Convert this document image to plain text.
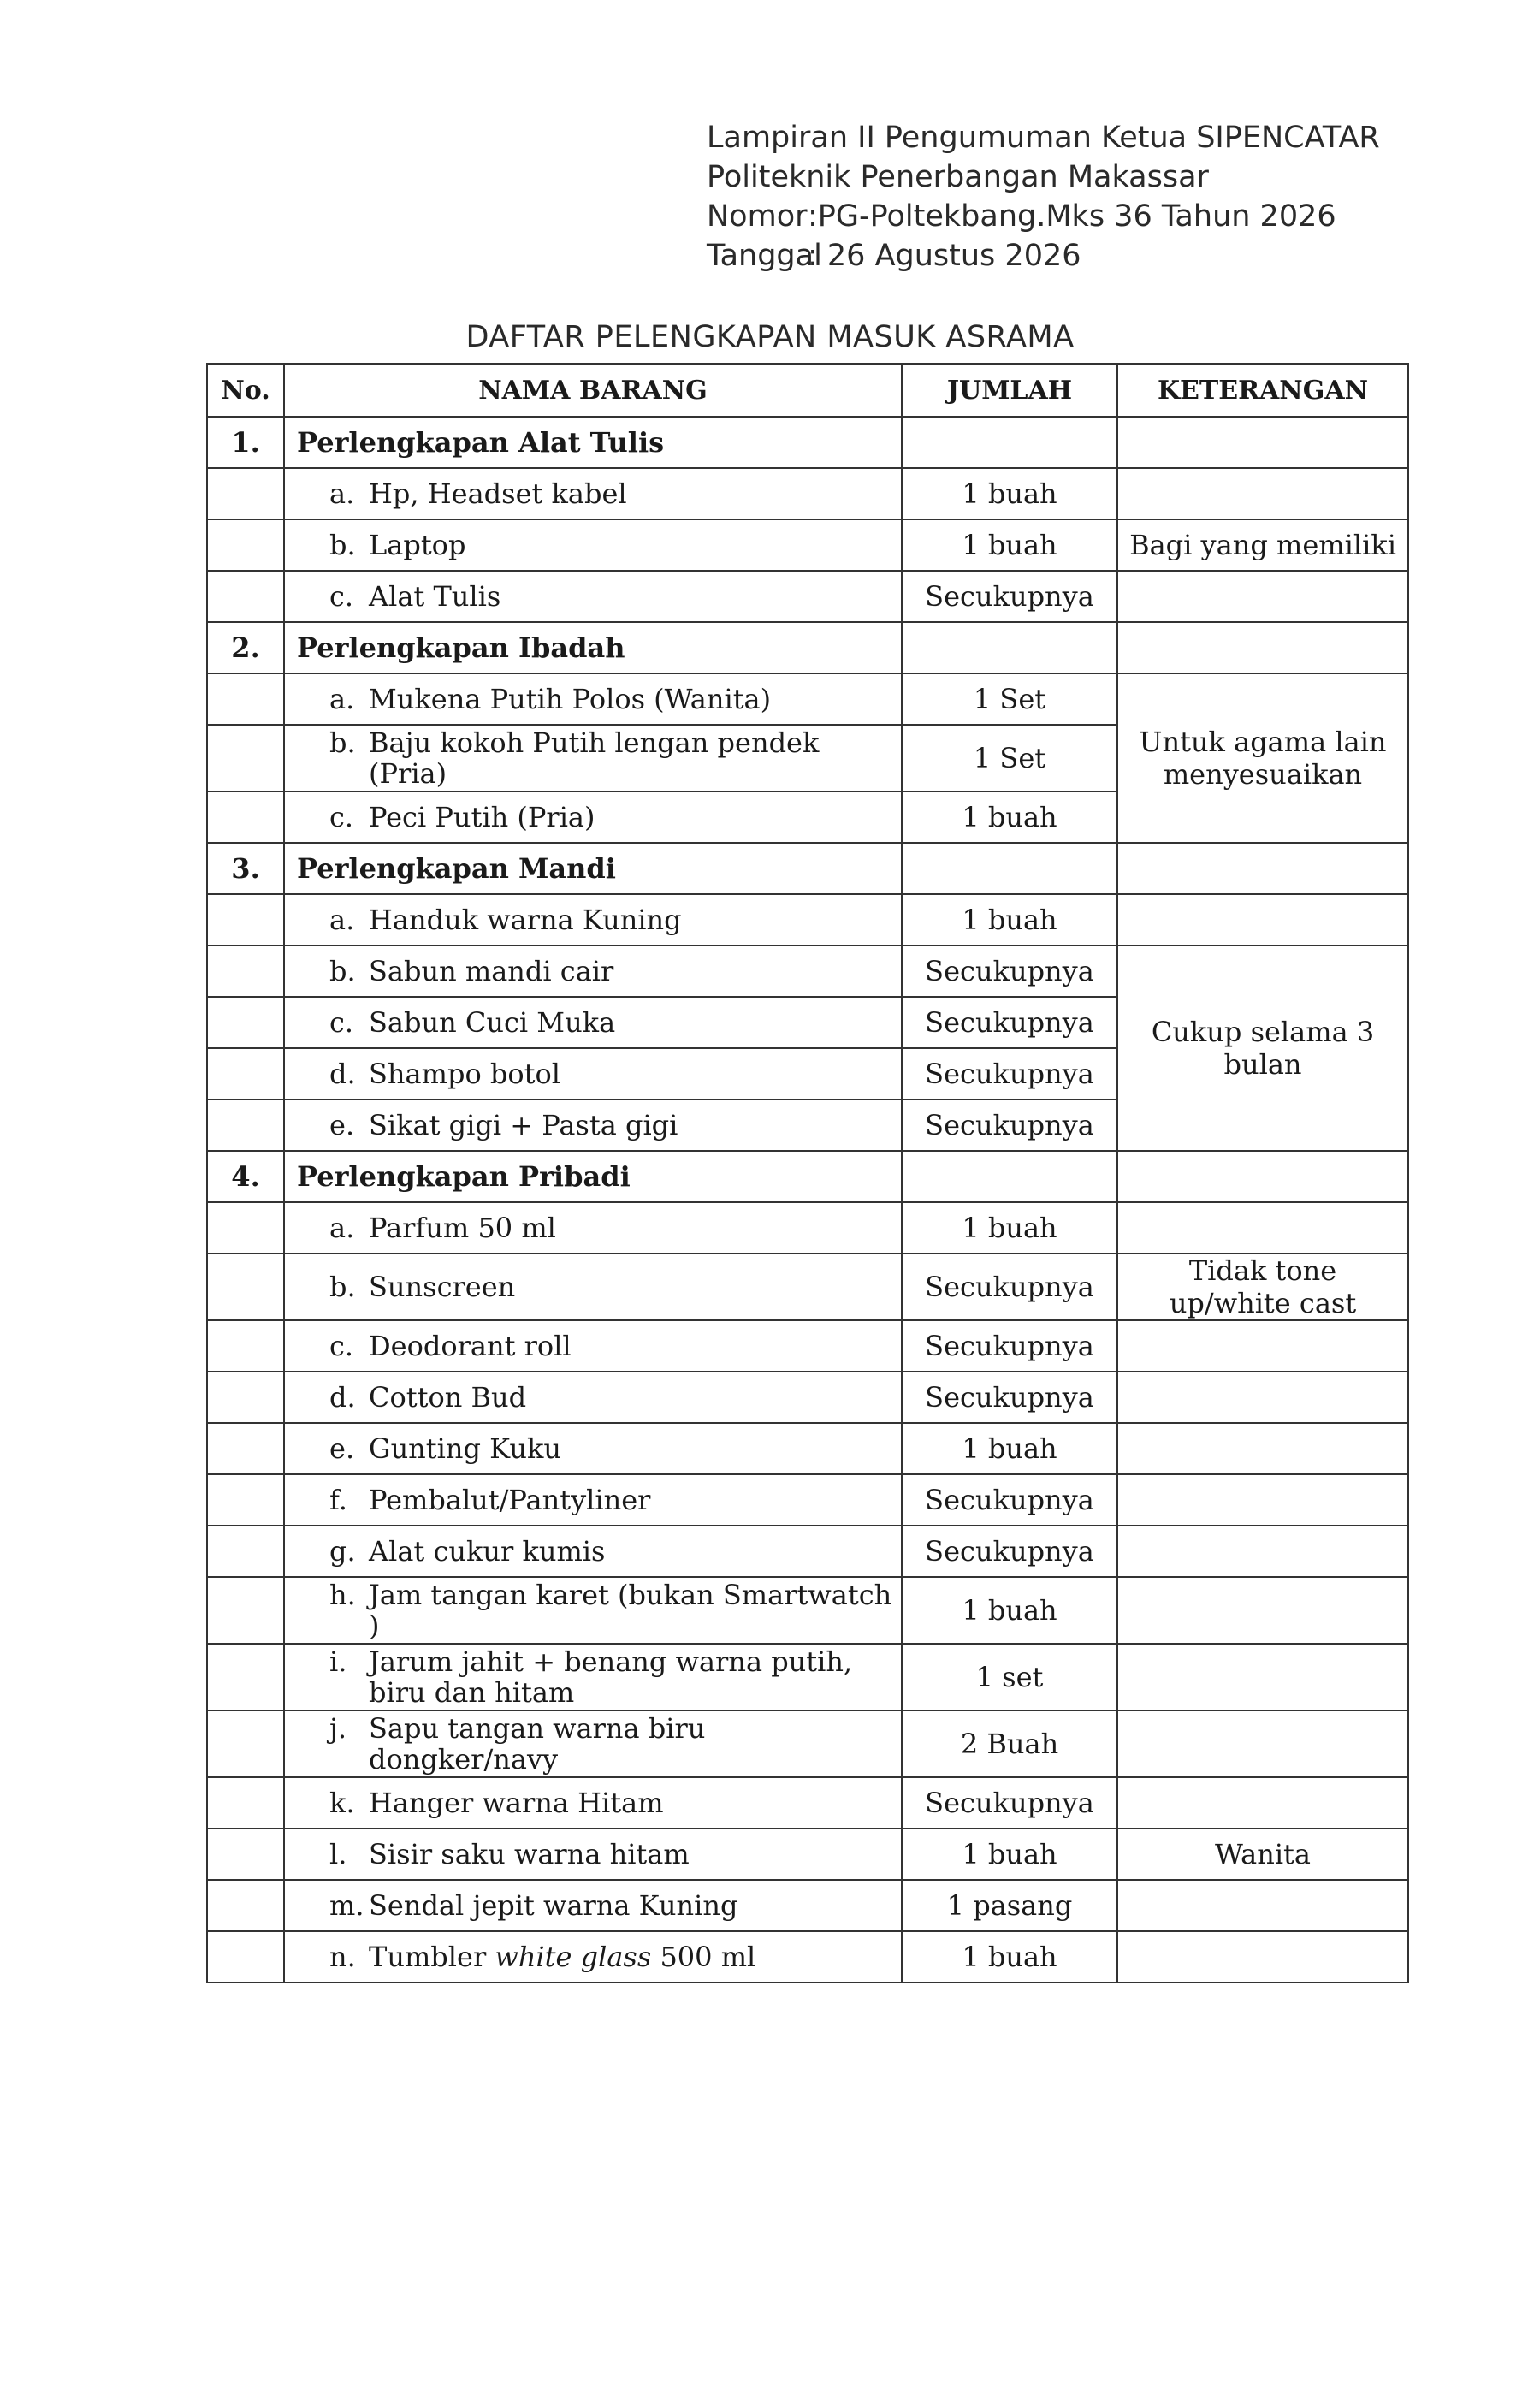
Lampiran II Pengumuman Ketua SIPENCATAR
Politeknik Penerbangan Makassar
Nomor:PG-Poltekbang.Mks 36 Tahun 2026
Tanggal: 26 Agustus 2026
DAFTAR PELENGKAPAN MASUK ASRAMA
No.	NAMA BARANG	JUMLAH	KETERANGAN
1.	Perlengkapan Alat Tulis		
	a. Hp, Headset kabel	1 buah	
	b. Laptop	1 buah	Bagi yang memiliki
	c. Alat Tulis	Secukupnya	
2.	Perlengkapan Ibadah		
	a. Mukena Putih Polos (Wanita)	1 Set	Untuk agama lain menyesuaikan

	b. Baju kokoh Putih lengan pendek (Pria)	1 Set	
	c. Peci Putih (Pria)	1 buah	
3.	Perlengkapan Mandi		
	a. Handuk warna Kuning	1 buah	
	b. Sabun mandi cair	Secukupnya	Cukup selama 3 bulan
	c. Sabun Cuci Muka	Secukupnya	
	d. Shampo botol	Secukupnya	
	e. Sikat gigi + Pasta gigi	Secukupnya	
4.	Perlengkapan Pribadi		
	a. Parfum 50 ml	1 buah	
	b. Sunscreen	Secukupnya	Tidak tone up/white cast
	c. Deodorant roll	Secukupnya	
	d. Cotton Bud	Secukupnya	
	e. Gunting Kuku	1 buah	
	f. Pembalut/Pantyliner	Secukupnya	
	g. Alat cukur kumis	Secukupnya	

	h. Jam tangan karet (bukan Smartwatch )	1 buah	

	i. Jarum jahit + benang warna putih, biru dan hitam	1 set	

	j. Sapu tangan warna biru dongker/navy	2 Buah	
	k. Hanger warna Hitam	Secukupnya	
	l. Sisir saku warna hitam	1 buah	Wanita
	m. Sendal jepit warna Kuning	1 pasang	
	n. Tumbler white glass 500 ml	1 buah	
